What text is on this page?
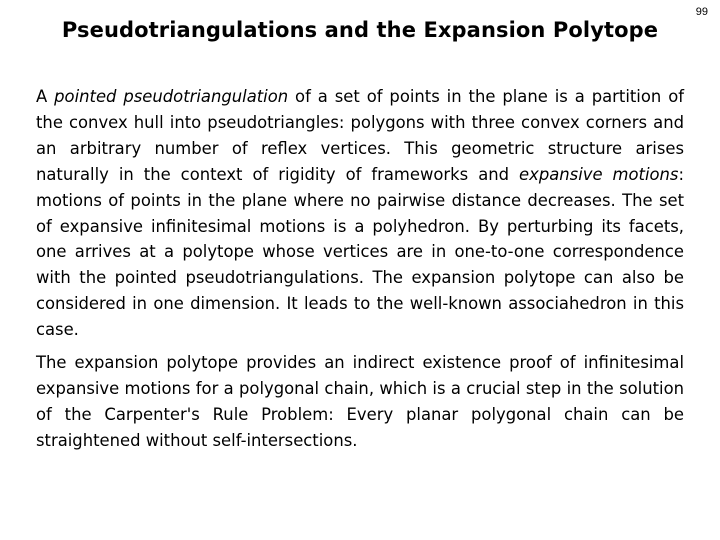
99
Pseudotriangulations and the Expansion Polytope

A pointed pseudotriangulation of a set of points in the plane is a partition of the convex hull into pseudotriangles: polygons with three convex corners and an arbitrary number of reflex vertices. This geometric structure arises naturally in the context of rigidity of frameworks and expansive motions: motions of points in the plane where no pairwise distance decreases. The set of expansive infinitesimal motions is a polyhedron. By perturbing its facets, one arrives at a polytope whose vertices are in one-to-one correspondence with the pointed pseudotriangulations. The expansion polytope can also be considered in one dimension. It leads to the well-known associahedron in this case.

The expansion polytope provides an indirect existence proof of infinitesimal expansive motions for a polygonal chain, which is a crucial step in the solution of the Carpenter's Rule Problem: Every planar polygonal chain can be straightened without self-intersections.
